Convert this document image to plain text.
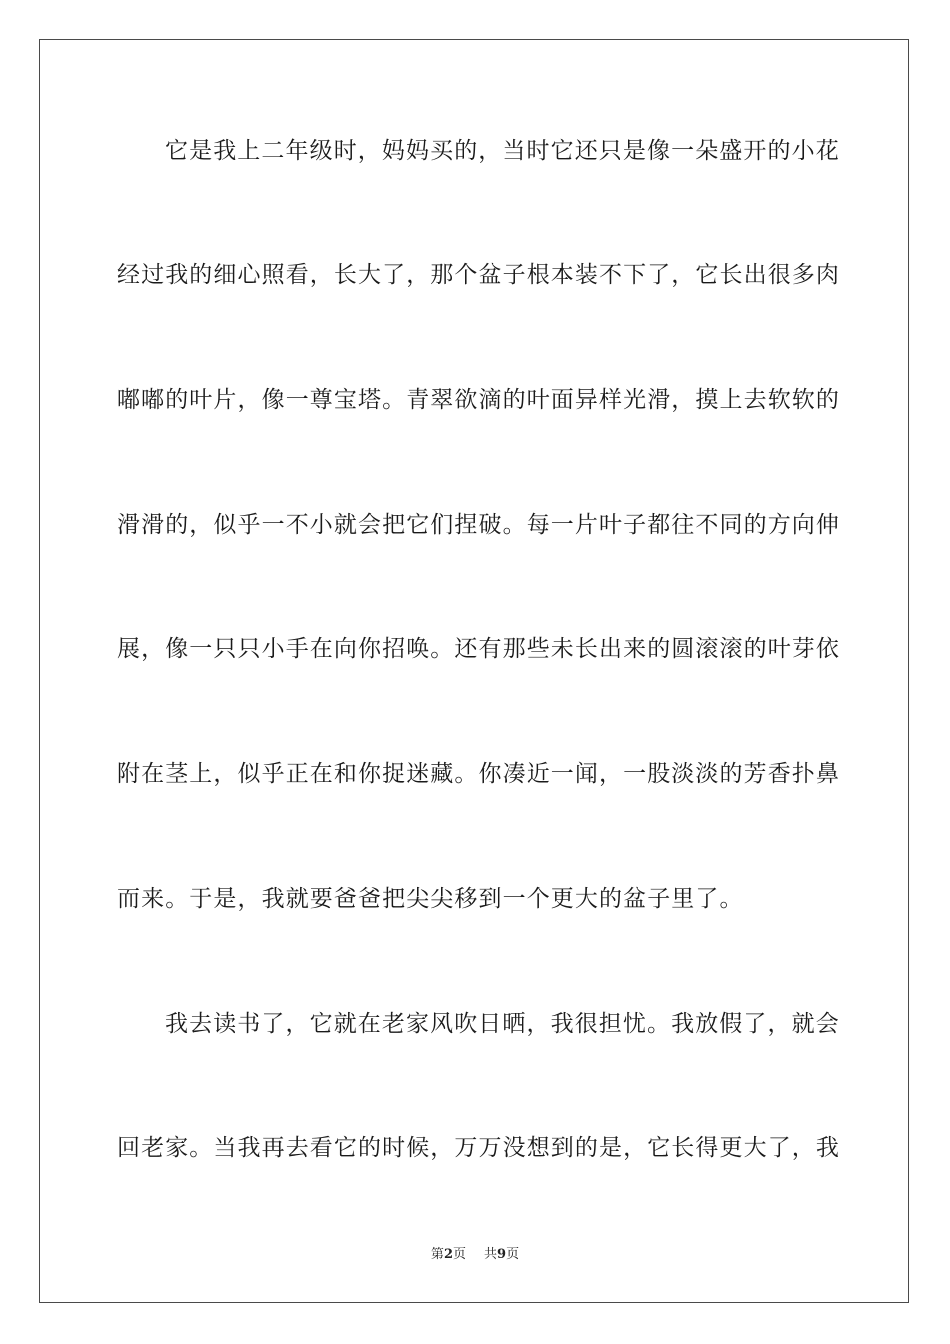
它是我上二年级时，妈妈买的，当时它还只是像一朵盛开的小花
经过我的细心照看，长大了，那个盆子根本装不下了，它长出很多肉
嘟嘟的叶片，像一尊宝塔。青翠欲滴的叶面异样光滑，摸上去软软的
滑滑的，似乎一不小就会把它们捏破。每一片叶子都往不同的方向伸
展，像一只只小手在向你招唤。还有那些未长出来的圆滚滚的叶芽依
附在茎上，似乎正在和你捉迷藏。你凑近一闻，一股淡淡的芳香扑鼻
而来。于是，我就要爸爸把尖尖移到一个更大的盆子里了。
我去读书了，它就在老家风吹日晒，我很担忧。我放假了，就会
回老家。当我再去看它的时候，万万没想到的是，它长得更大了，我
第2页 共9页
